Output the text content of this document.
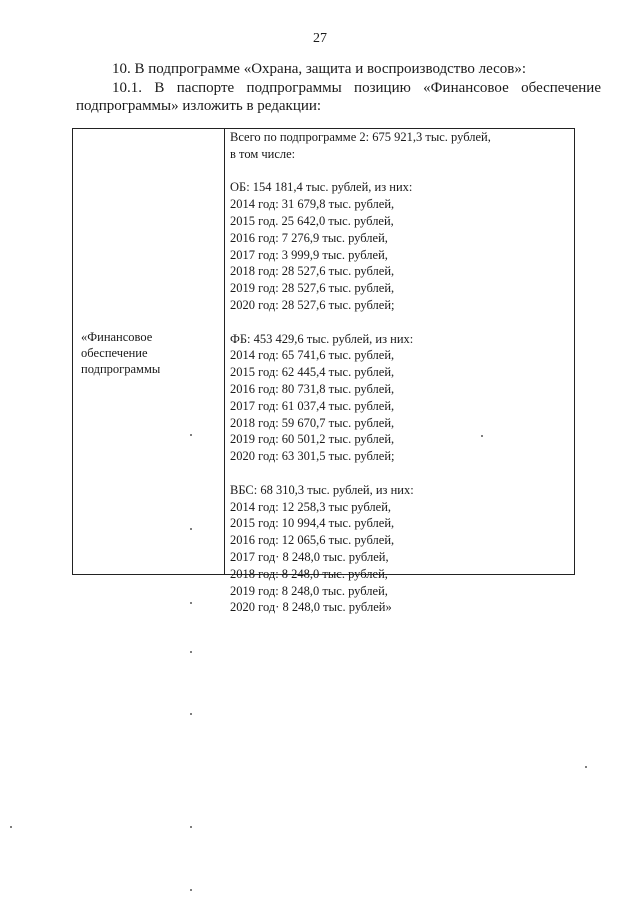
27
10. В подпрограмме «Охрана, защита и воспроизводство лесов»:
10.1. В паспорте подпрограммы позицию «Финансовое обеспечение подпрограммы» изложить в редакции:
«Финансовое
обеспечение
подпрограммы
Всего по подпрограмме 2: 675 921,3 тыс. рублей,
в том числе:
ОБ: 154 181,4 тыс. рублей, из них:
2014 год: 31 679,8 тыс. рублей,
2015 год. 25 642,0 тыс. рублей,
2016 год: 7 276,9 тыс. рублей,
2017 год: 3 999,9 тыс. рублей,
2018 год: 28 527,6 тыс. рублей,
2019 год: 28 527,6 тыс. рублей,
2020 год: 28 527,6 тыс. рублей;
ФБ: 453 429,6 тыс. рублей, из них:
2014 год: 65 741,6 тыс. рублей,
2015 год: 62 445,4 тыс. рублей,
2016 год: 80 731,8 тыс. рублей,
2017 год: 61 037,4 тыс. рублей,
2018 год: 59 670,7 тыс. рублей,
2019 год: 60 501,2 тыс. рублей,
2020 год: 63 301,5 тыс. рублей;
ВБС: 68 310,3 тыс. рублей, из них:
2014 год: 12 258,3 тыс рублей,
2015 год: 10 994,4 тыс. рублей,
2016 год: 12 065,6 тыс. рублей,
2017 год· 8 248,0 тыс. рублей,
2018 год: 8 248,0 тыс. рублей,
2019 год: 8 248,0 тыс. рублей,
2020 год· 8 248,0 тыс. рублей»
